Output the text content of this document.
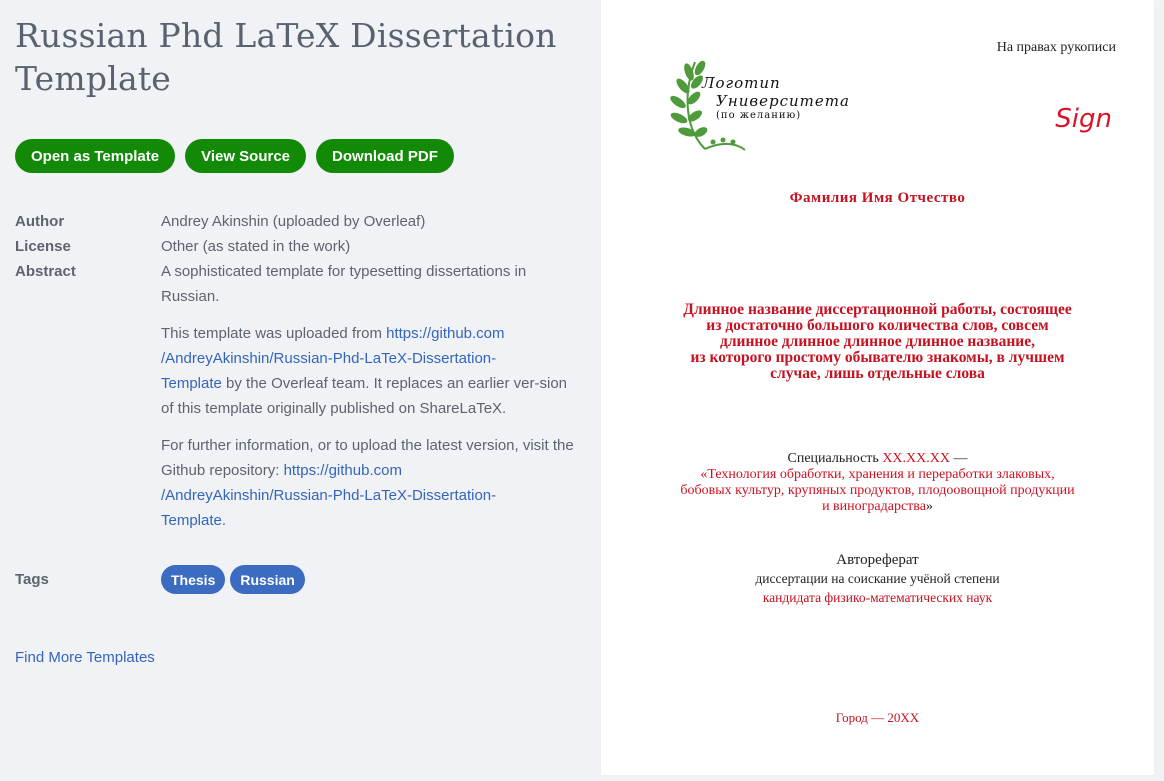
Russian Phd LaTeX Dissertation Template
Open as Template	View Source	Download PDF
Author	Andrey Akinshin (uploaded by Overleaf)
License	Other (as stated in the work)
Abstract	A sophisticated template for typesetting dissertations in Russian.

This template was uploaded from https://github.com
/AndreyAkinshin/Russian-Phd-LaTeX-Dissertation-
Template by the Overleaf team. It replaces an earlier ver-sion of this template originally published on ShareLaTeX.

For further information, or to upload the latest version, visit the Github repository: https://github.com
/AndreyAkinshin/Russian-Phd-LaTeX-Dissertation-
Template.

Tags	Thesis	Russian
Find More Templates
На правах рукописи
Логотип
Университета
(по желанию)	Sign
Фамилия Имя Отчество
Длинное название диссертационной работы, состоящее
из достаточно большого количества слов, совсем
длинное длинное длинное длинное название,
из которого простому обывателю знакомы, в лучшем
случае, лишь отдельные слова
Специальность XX.XX.XX —
«Технология обработки, хранения и переработки злаковых,
бобовых культур, крупяных продуктов, плодоовощной продукции
и виноградарства»
Автореферат
диссертации на соискание учёной степени
кандидата физико-математических наук
Город — 20XX
